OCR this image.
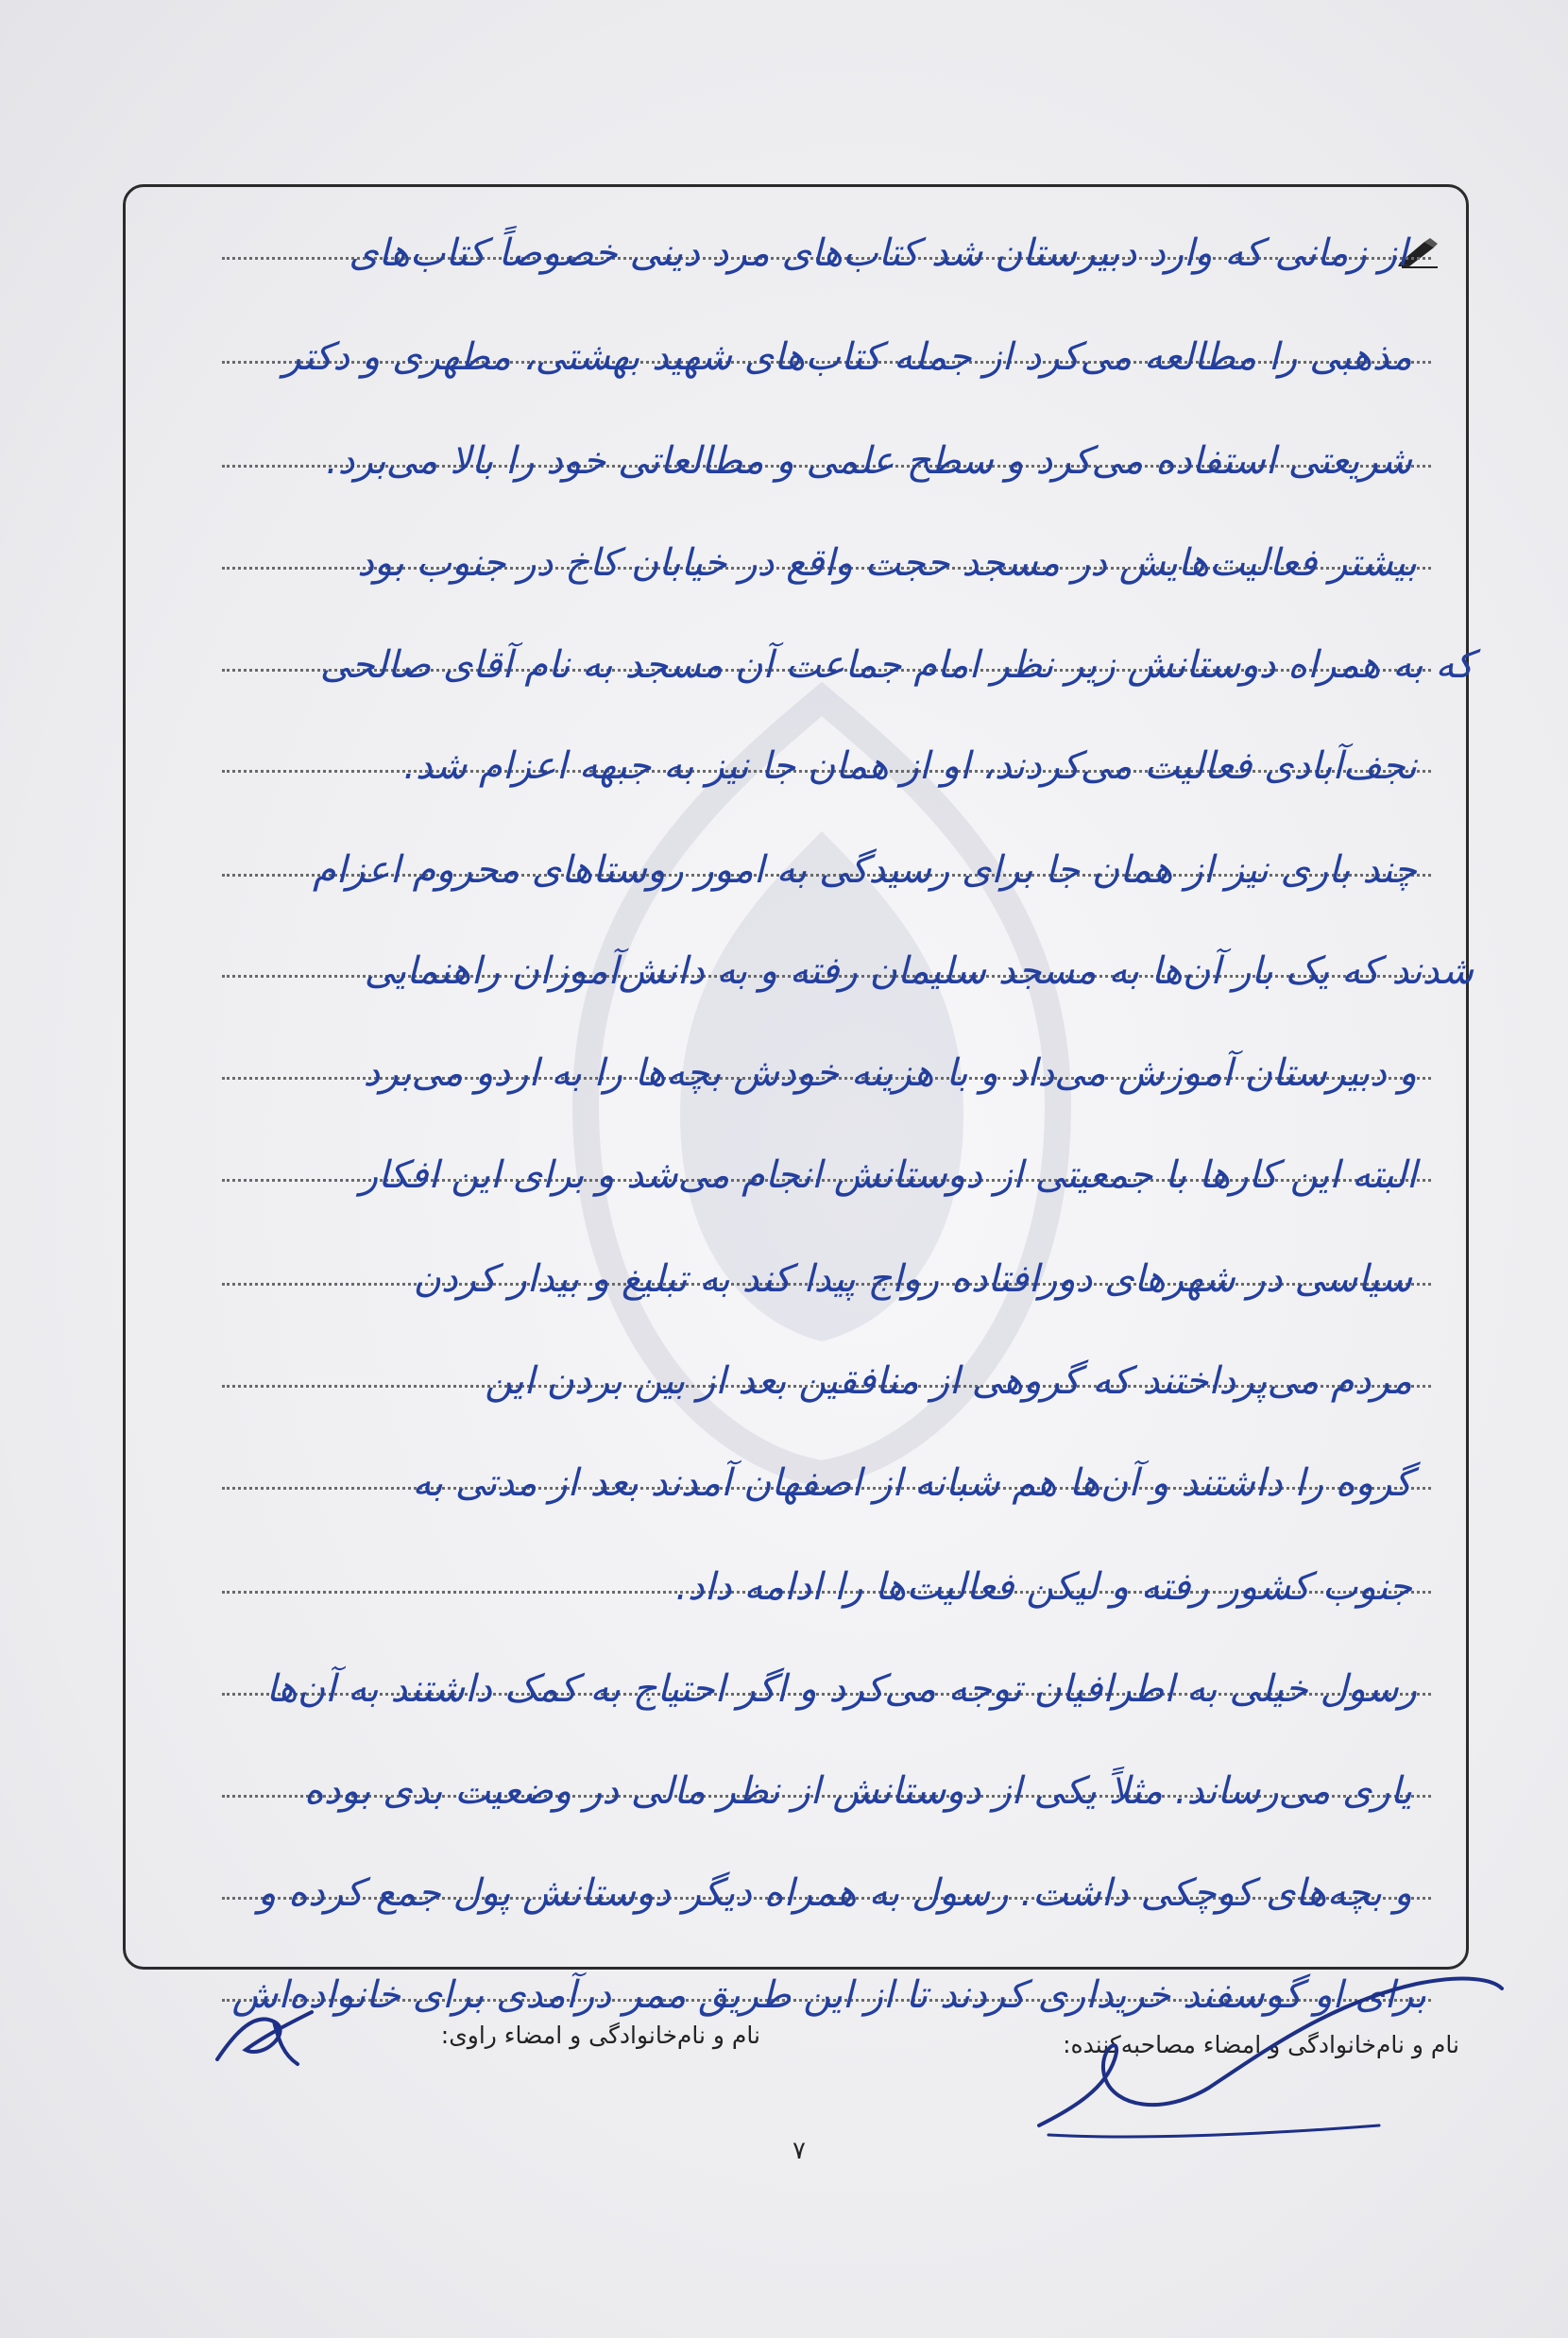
از زمانی که وارد دبیرستان شد کتاب‌های مرد دینی خصوصاً کتاب‌های
مذهبی را مطالعه می‌کرد از جمله کتاب‌های شهید بهشتی، مطهری و دکتر
شریعتی استفاده می‌کرد و سطح علمی و مطالعاتی خود را بالا می‌برد.
بیشتر فعالیت‌هایش در مسجد حجت واقع در خیابان کاخ در جنوب بود
که به همراه دوستانش زیر نظر امام جماعت آن مسجد به نام آقای صالحی
نجف‌آبادی فعالیت می‌کردند، او از همان جا نیز به جبهه اعزام شد.
چند باری نیز از همان جا برای رسیدگی به امور روستاهای محروم اعزام
شدند که یک بار آن‌ها به مسجد سلیمان رفته و به دانش‌آموزان راهنمایی
و دبیرستان آموزش می‌داد و با هزینه خودش بچه‌ها را به اردو می‌برد
البته این کارها با جمعیتی از دوستانش انجام می‌شد و برای این افکار
سیاسی در شهرهای دورافتاده رواج پیدا کند به تبلیغ و بیدار کردن
مردم می‌پرداختند که گروهی از منافقین بعد از بین بردن این
گروه را داشتند و آن‌ها هم شبانه از اصفهان آمدند بعد از مدتی به
جنوب کشور رفته و لیکن فعالیت‌ها را ادامه داد.
رسول خیلی به اطرافیان توجه می‌کرد و اگر احتیاج به کمک داشتند به آن‌ها
یاری می‌رساند. مثلاً یکی از دوستانش از نظر مالی در وضعیت بدی بوده
و بچه‌های کوچکی داشت. رسول به همراه دیگر دوستانش پول جمع کرده و
برای او گوسفند خریداری کردند تا از این طریق ممر درآمدی برای خانواده‌اش
نام و نام‌خانوادگی و امضاء مصاحبه‌کننده:
نام و نام‌خانوادگی و امضاء راوی:
۷
